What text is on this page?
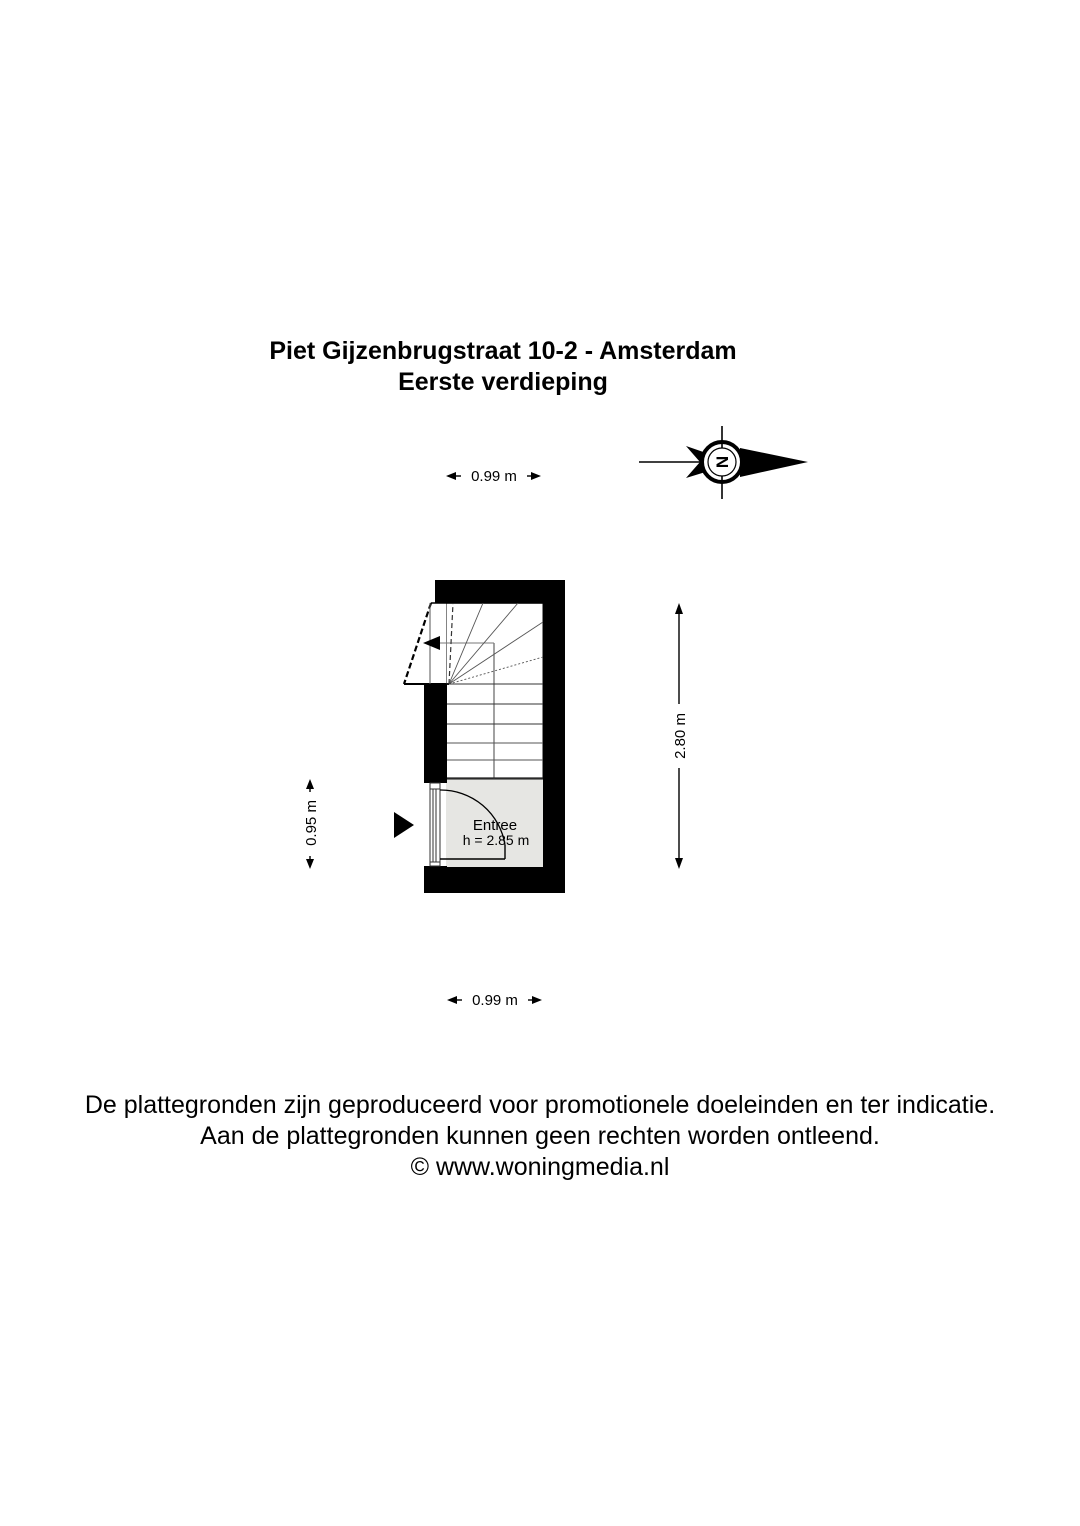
Piet Gijzenbrugstraat 10-2 - Amsterdam
Eerste verdieping
N
0.99 m
Entree
h = 2.85 m
0.95 m
2.80 m
0.99 m
De plattegronden zijn geproduceerd voor promotionele doeleinden en ter indicatie.
Aan de plattegronden kunnen geen rechten worden ontleend.
© www.woningmedia.nl
